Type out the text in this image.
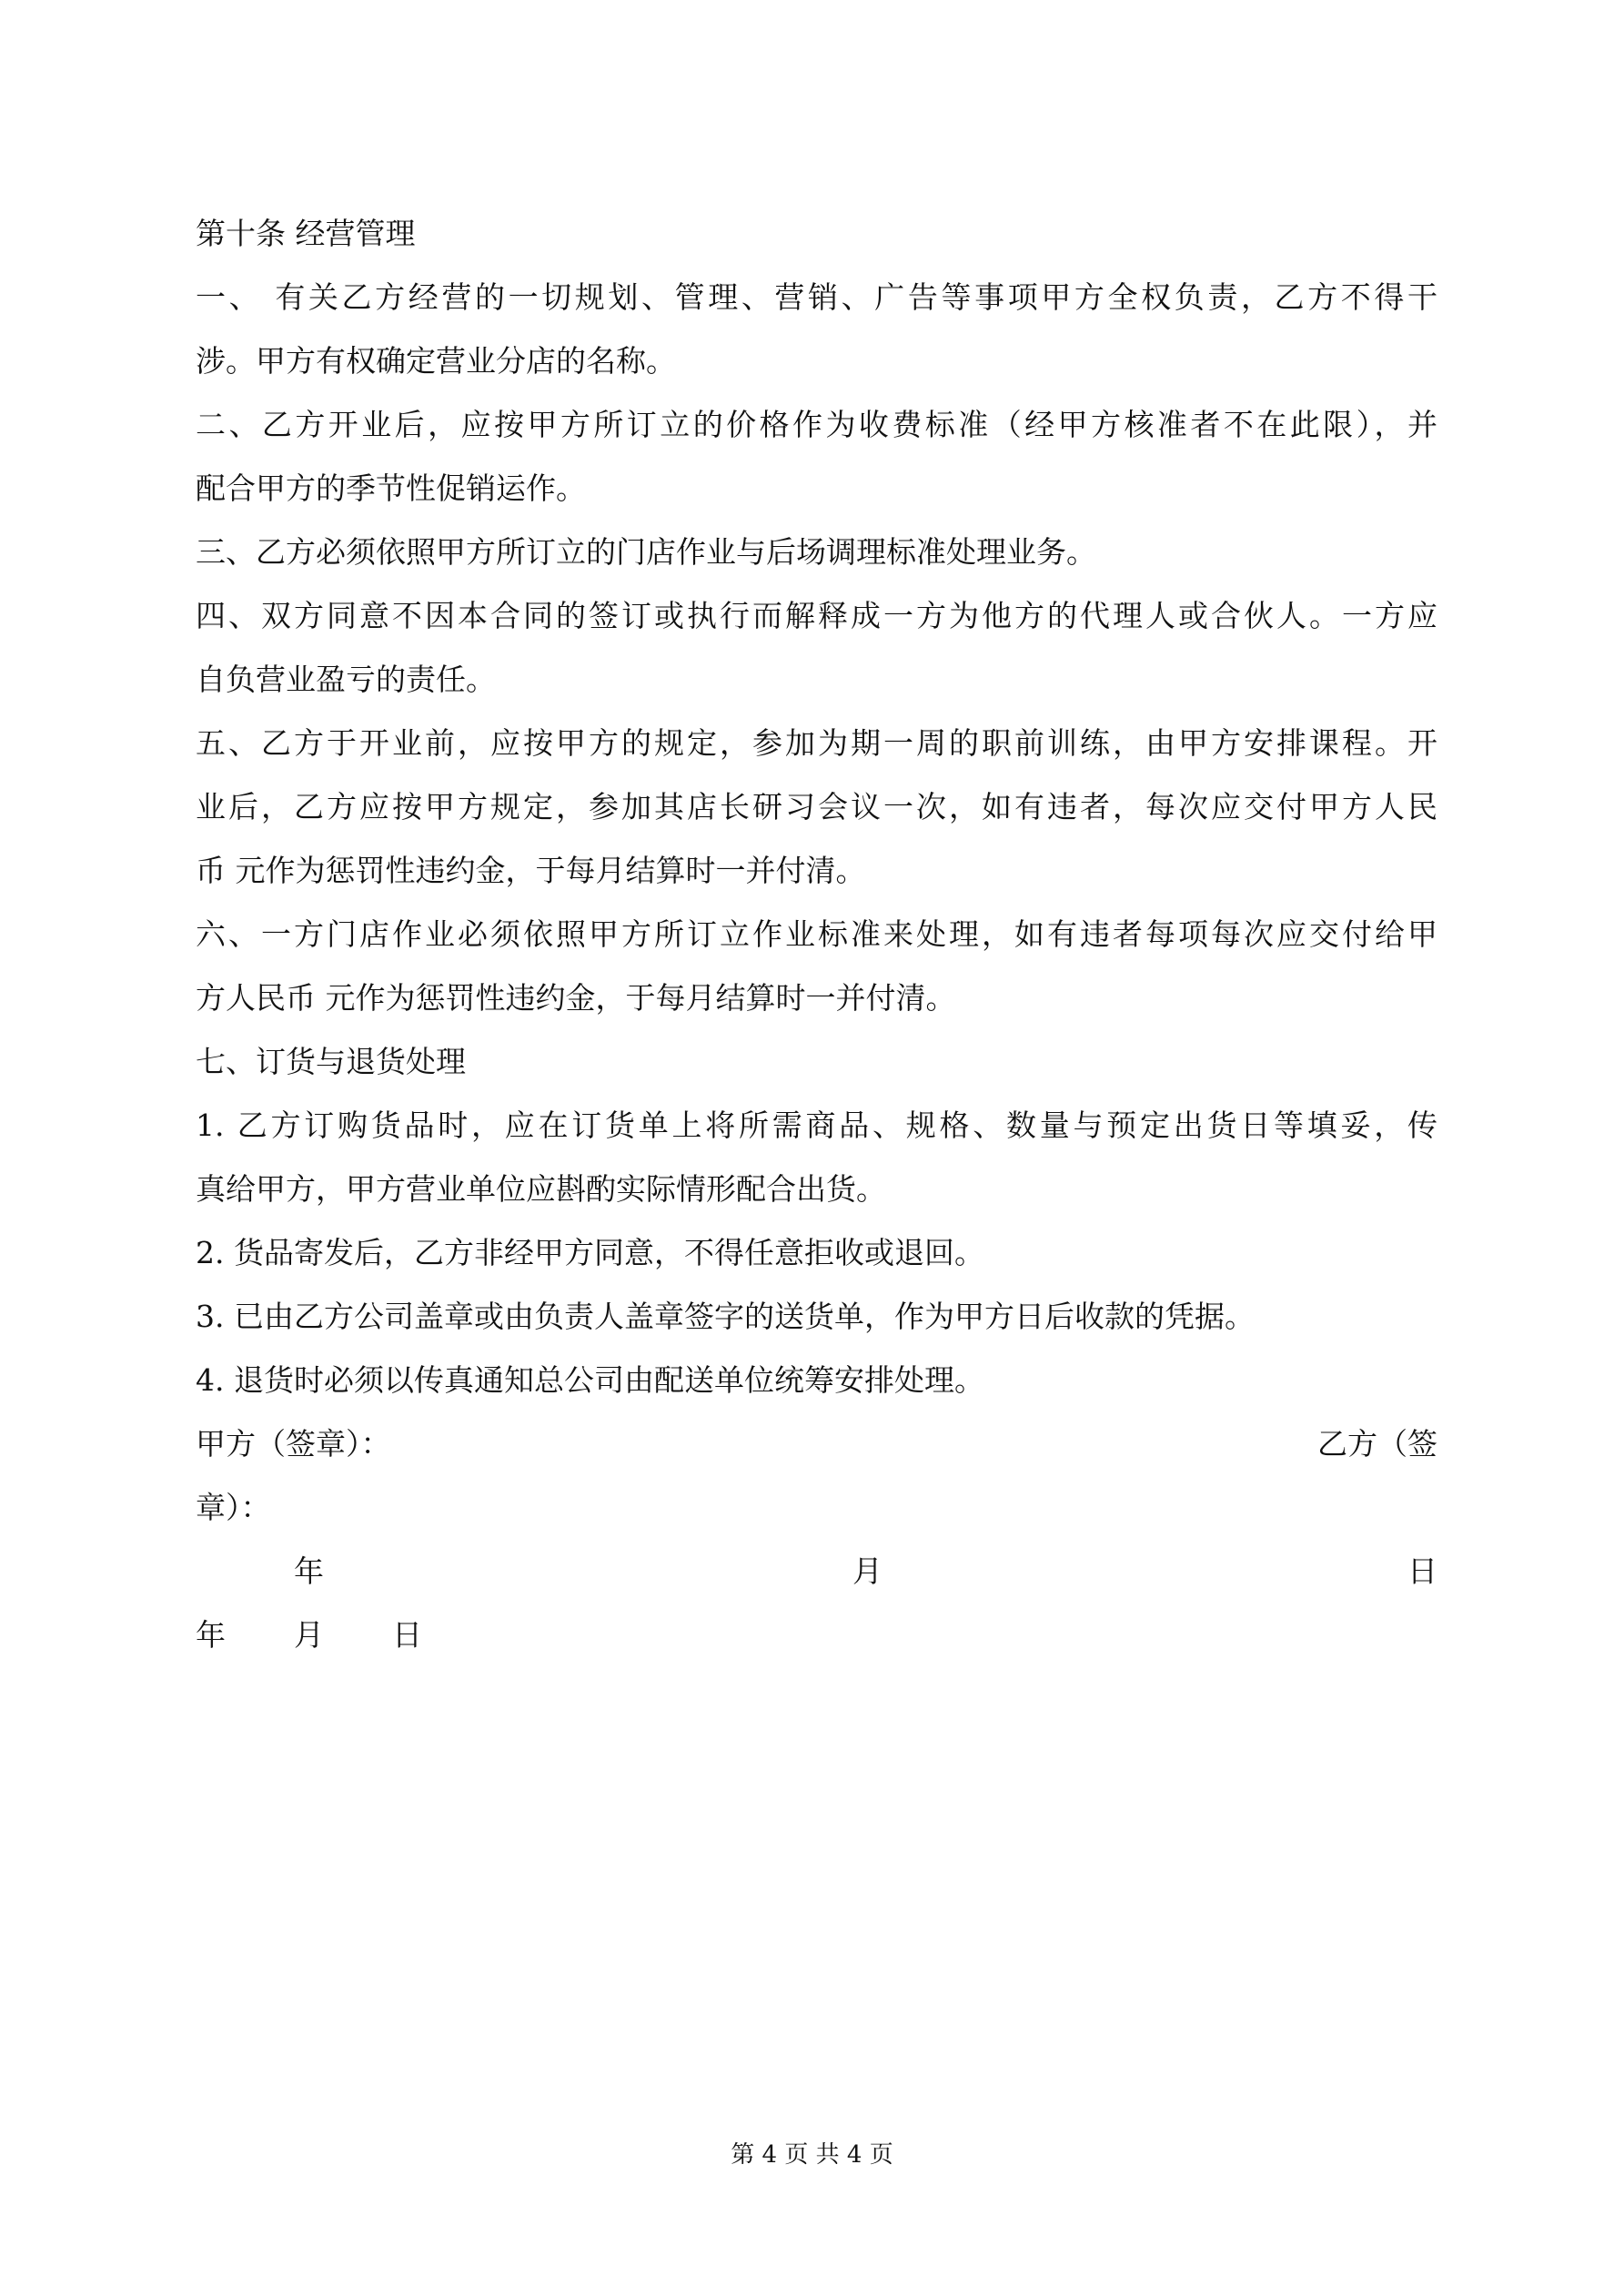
第十条 经营管理
一、 有关乙方经营的一切规划、管理、营销、广告等事项甲方全权负责，乙方不得干
涉。甲方有权确定营业分店的名称。
二、乙方开业后，应按甲方所订立的价格作为收费标准（经甲方核准者不在此限），并
配合甲方的季节性促销运作。
三、乙方必须依照甲方所订立的门店作业与后场调理标准处理业务。
四、双方同意不因本合同的签订或执行而解释成一方为他方的代理人或合伙人。一方应
自负营业盈亏的责任。
五、乙方于开业前，应按甲方的规定，参加为期一周的职前训练，由甲方安排课程。开
业后，乙方应按甲方规定，参加其店长研习会议一次，如有违者，每次应交付甲方人民
币 元作为惩罚性违约金，于每月结算时一并付清。
六、一方门店作业必须依照甲方所订立作业标准来处理，如有违者每项每次应交付给甲
方人民币 元作为惩罚性违约金，于每月结算时一并付清。
七、订货与退货处理
1. 乙方订购货品时，应在订货单上将所需商品、规格、数量与预定出货日等填妥，传
真给甲方，甲方营业单位应斟酌实际情形配合出货。
2. 货品寄发后，乙方非经甲方同意，不得任意拒收或退回。
3. 已由乙方公司盖章或由负责人盖章签字的送货单，作为甲方日后收款的凭据。
4. 退货时必须以传真通知总公司由配送单位统筹安排处理。
甲方（签章）：	乙方（签
章）：
年	月	日
年 月 日
第 4 页 共 4 页
